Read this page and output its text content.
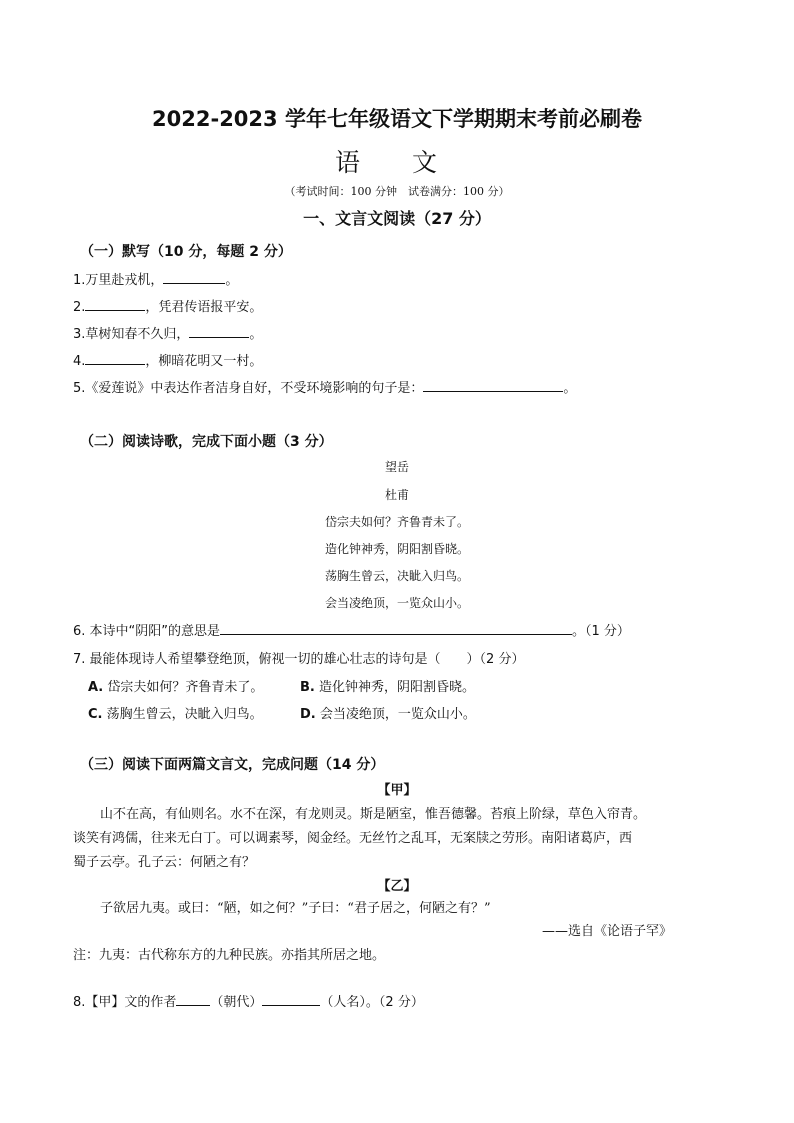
2022-2023 学年七年级语文下学期期末考前必刷卷
语 文
（考试时间：100 分钟　试卷满分：100 分）
一、文言文阅读（27 分）
（一）默写（10 分，每题 2 分）
1.万里赴戎机，	。
2.	，凭君传语报平安。
3.草树知春不久归，	。
4.	，柳暗花明又一村。
5.《爱莲说》中表达作者洁身自好，不受环境影响的句子是：	。
（二）阅读诗歌，完成下面小题（3 分）
望岳
杜甫
岱宗夫如何？齐鲁青未了。
造化钟神秀，阴阳割昏晓。
荡胸生曾云，决眦入归鸟。
会当凌绝顶，一览众山小。
6. 本诗中“阴阳”的意思是	。（1 分）
7. 最能体现诗人希望攀登绝顶，俯视一切的雄心壮志的诗句是（　　）（2 分）
A. 岱宗夫如何？齐鲁青未了。	B. 造化钟神秀，阴阳割昏晓。
C. 荡胸生曾云，决眦入归鸟。	D. 会当凌绝顶，一览众山小。
（三）阅读下面两篇文言文，完成问题（14 分）
【甲】
山不在高，有仙则名。水不在深，有龙则灵。斯是陋室，惟吾德馨。苔痕上阶绿，草色入帘青。
谈笑有鸿儒，往来无白丁。可以调素琴，阅金经。无丝竹之乱耳，无案牍之劳形。南阳诸葛庐，西
蜀子云亭。孔子云：何陋之有？
【乙】
子欲居九夷。或曰：“陋，如之何？”子曰：“君子居之，何陋之有？”
——选自《论语子罕》
注：九夷：古代称东方的九种民族。亦指其所居之地。
8.【甲】文的作者	（朝代）	（人名）。（2 分）
